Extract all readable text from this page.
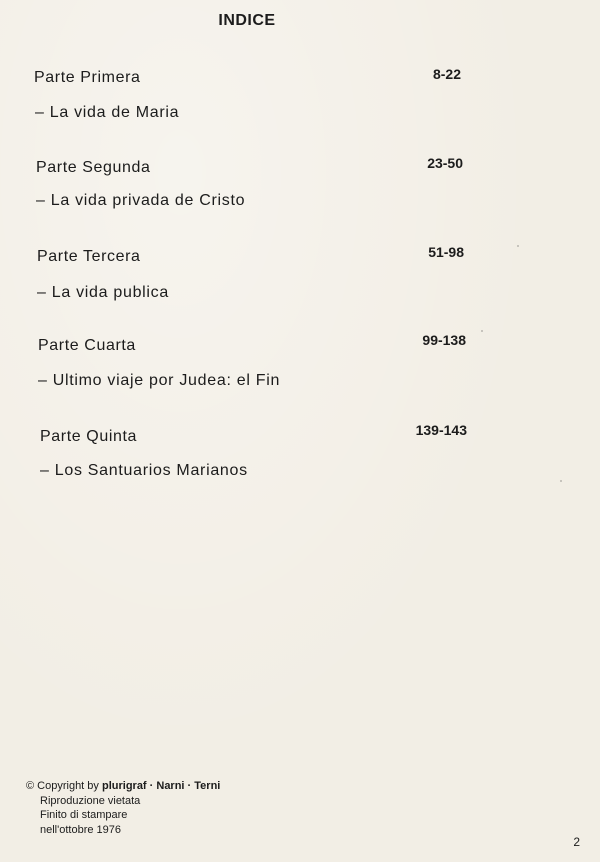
INDICE
Parte Primera	8-22
– La vida de Maria
Parte Segunda	23-50
– La vida privada de Cristo
Parte Tercera	51-98
– La vida publica
Parte Cuarta	99-138
– Ultimo viaje por Judea: el Fin
Parte Quinta	139-143
– Los Santuarios Marianos
© Copyright by plurigraf · Narni · Terni
Riproduzione vietata
Finito di stampare
nell'ottobre 1976
2
